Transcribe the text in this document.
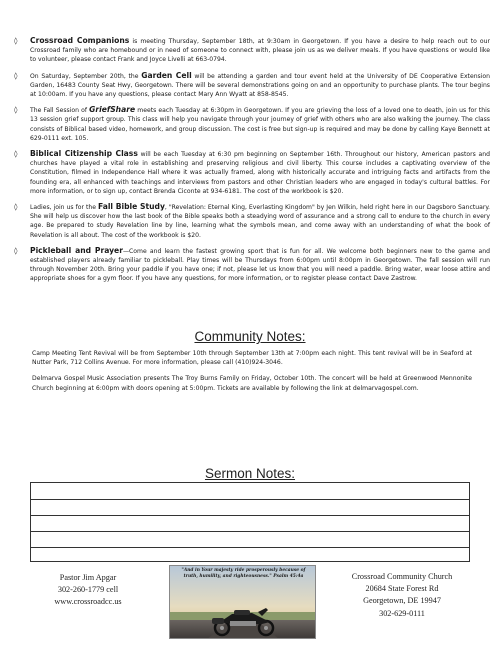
◊	Crossroad Companions is meeting Thursday, September 18th, at 9:30am in Georgetown. If you have a desire to help reach out to our Crossroad family who are homebound or in need of someone to connect with, please join us as we deliver meals. If you have questions or would like to volunteer, please contact Frank and Joyce Livelli at 663-0794.
◊	On Saturday, September 20th, the Garden Cell will be attending a garden and tour event held at the University of DE Cooperative Extension Garden, 16483 County Seat Hwy, Georgetown. There will be several demonstrations going on and an opportunity to purchase plants. The tour begins at 10:00am. If you have any questions, please contact Mary Ann Wyatt at 858-8545.
◊	The Fall Session of GriefShare meets each Tuesday at 6:30pm in Georgetown. If you are grieving the loss of a loved one to death, join us for this 13 session grief support group. This class will help you navigate through your journey of grief with others who are also walking the journey. The class consists of Biblical based video, homework, and group discussion. The cost is free but sign-up is required and may be done by calling Kaye Bennett at 629-0111 ext. 105.
◊	Biblical Citizenship Class will be each Tuesday at 6:30 pm beginning on September 16th. Throughout our history, American pastors and churches have played a vital role in establishing and preserving religious and civil liberty. This course includes a captivating overview of the Constitution, filmed in Independence Hall where it was actually framed, along with historically accurate and intriguing facts and artifacts from the founding era, all enhanced with teachings and interviews from pastors and other Christian leaders who are engaged in today's cultural battles. For more information, or to sign up, contact Brenda Ciconte at 934-6181. The cost of the workbook is $20.
◊	Ladies, join us for the Fall Bible Study, "Revelation: Eternal King, Everlasting Kingdom" by Jen Wilkin, held right here in our Dagsboro Sanctuary. She will help us discover how the last book of the Bible speaks both a steadying word of assurance and a strong call to endure to the church in every age. Be prepared to study Revelation line by line, learning what the symbols mean, and come away with an understanding of what the book of Revelation is all about. The cost of the workbook is $20.
◊	Pickleball and Prayer—Come and learn the fastest growing sport that is fun for all. We welcome both beginners new to the game and established players already familiar to pickleball. Play times will be Thursdays from 6:00pm until 8:00pm in Georgetown. The fall session will run through November 20th. Bring your paddle if you have one; if not, please let us know that you will need a paddle. Bring water, wear loose attire and appropriate shoes for a gym floor. If you have any questions, for more information, or to register please contact Dave Zastrow.
Community Notes:

Camp Meeting Tent Revival will be from September 10th through September 13th at 7:00pm each night. This tent revival will be in Seaford at Nutter Park, 712 Collins Avenue. For more information, please call (410)924-3046.

Delmarva Gospel Music Association presents The Troy Burns Family on Friday, October 10th. The concert will be held at Greenwood Mennonite Church beginning at 6:00pm with doors opening at 5:00pm. Tickets are available by following the link at delmarvagospel.com.

Sermon Notes:
Pastor Jim Apgar
302-260-1779 cell
www.crossroadcc.us
"And in Your majesty ride prosperously because of truth, humility, and righteousness." Psalm 45:4a	Crossroad Community Church
20684 State Forest Rd
Georgetown, DE 19947
302-629-0111
